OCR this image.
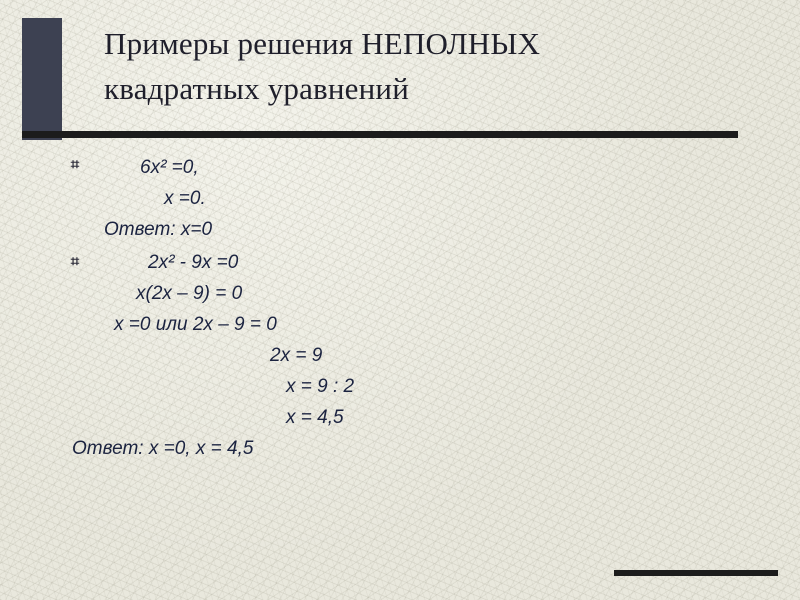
Примеры решения НЕПОЛНЫХ
квадратных уравнений
⌗	6x² =0,
x =0.
Ответ: x=0
⌗	2x² - 9x =0
x(2x – 9) = 0
x =0 или 2x – 9 = 0
2x = 9
x = 9 : 2
x = 4,5
Ответ: x =0, x = 4,5
